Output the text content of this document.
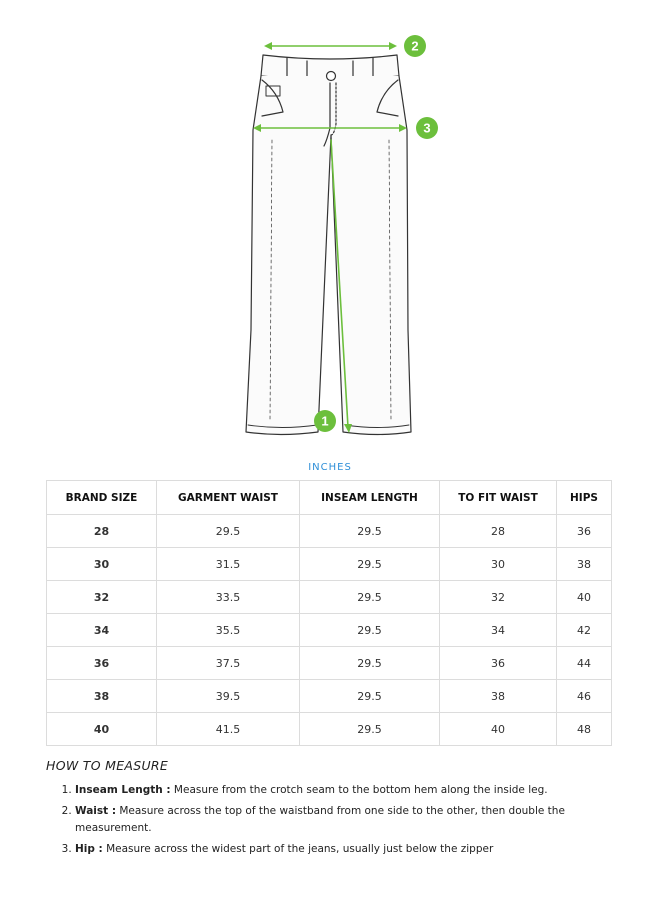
2
3
1
INCHES
BRAND SIZE	GARMENT WAIST	INSEAM LENGTH	TO FIT WAIST	HIPS
28	29.5	29.5	28	36
30	31.5	29.5	30	38
32	33.5	29.5	32	40
34	35.5	29.5	34	42
36	37.5	29.5	36	44
38	39.5	29.5	38	46
40	41.5	29.5	40	48
HOW TO MEASURE
1. Inseam Length : Measure from the crotch seam to the bottom hem along the inside leg.
2. Waist : Measure across the top of the waistband from one side to the other, then double the measurement.
3. Hip : Measure across the widest part of the jeans, usually just below the zipper
